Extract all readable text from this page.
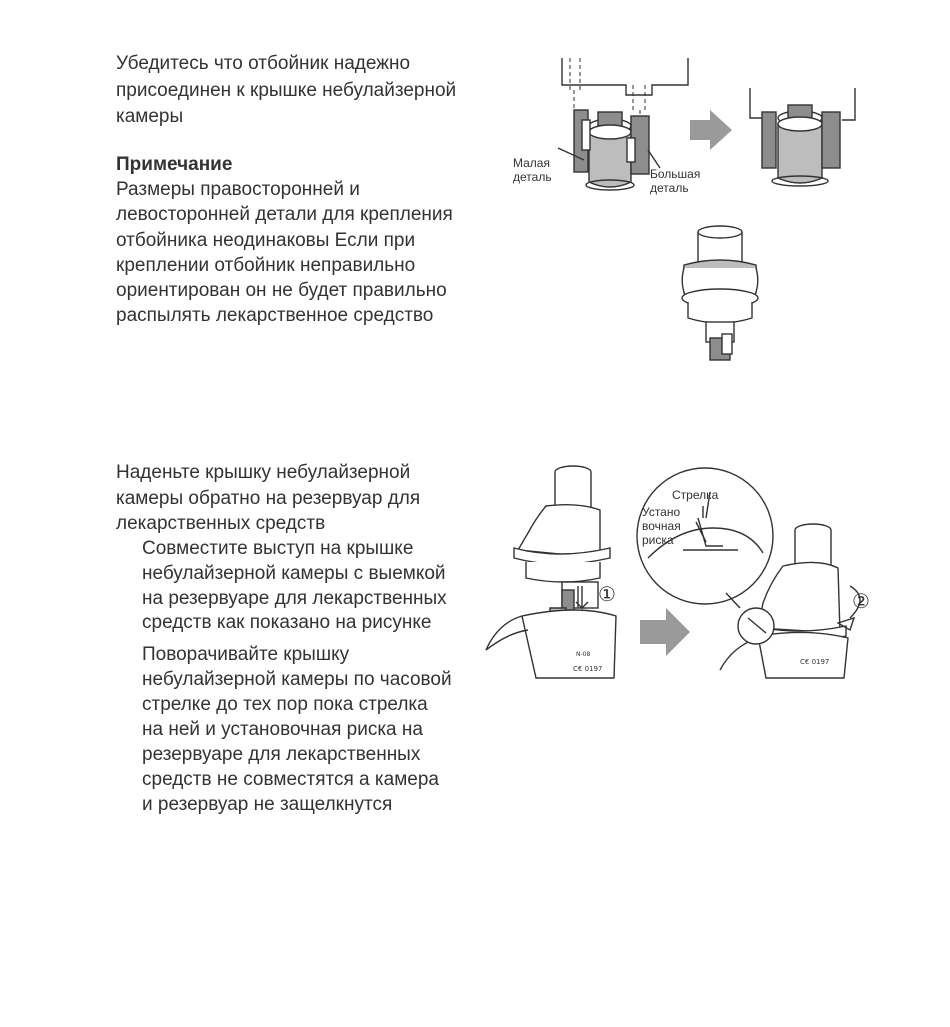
Убедитесь что отбойник надежно
присоединен к крышке небулайзерной
камеры
Примечание
Размеры правосторонней и
левосторонней детали для крепления
отбойника неодинаковы Если при
креплении отбойник неправильно
ориентирован он не будет правильно
распылять лекарственное средство
Малая
деталь	Большая
деталь
Наденьте крышку небулайзерной
камеры обратно на резервуар для
лекарственных средств
Совместите выступ на крышке
небулайзерной камеры с выемкой
на резервуаре для лекарственных
средств как показано на рисунке
Поворачивайте крышку
небулайзерной камеры по часовой
стрелке до тех пор пока стрелка
на ней и установочная риска на
резервуаре для лекарственных
средств не совместятся а камера
и резервуар не защелкнутся
N-08
C€ 0197
C€ 0197
Стрелка
Устано
вочная
риска
①	②
